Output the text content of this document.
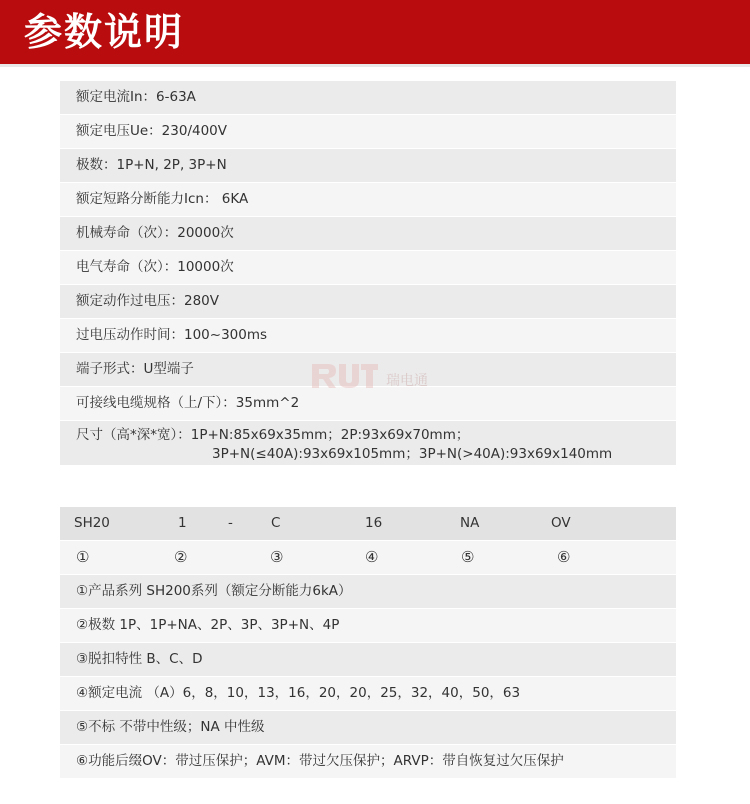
参数说明
额定电流In：6-63A
额定电压Ue：230/400V
极数：1P+N, 2P, 3P+N
额定短路分断能力Icn： 6KA
机械寿命（次）：20000次
电气寿命（次）：10000次
额定动作过电压：280V
过电压动作时间：100~300ms
端子形式：U型端子
可接线电缆规格（上/下）：35mm^2
尺寸（高*深*宽）：1P+N:85x69x35mm；2P:93x69x70mm；
3P+N(≤40A):93x69x105mm；3P+N(>40A):93x69x140mm
瑞电通
SH20	1	-	C	16	NA	OV
①	②	③	④	⑤	⑥
①产品系列 SH200系列（额定分断能力6kA）
②极数 1P、1P+NA、2P、3P、3P+N、4P
③脱扣特性 B、C、D
④额定电流 （A）6，8，10，13，16，20，20，25，32，40，50，63
⑤不标 不带中性级；NA 中性级
⑥功能后缀OV：带过压保护；AVM：带过欠压保护；ARVP：带自恢复过欠压保护
